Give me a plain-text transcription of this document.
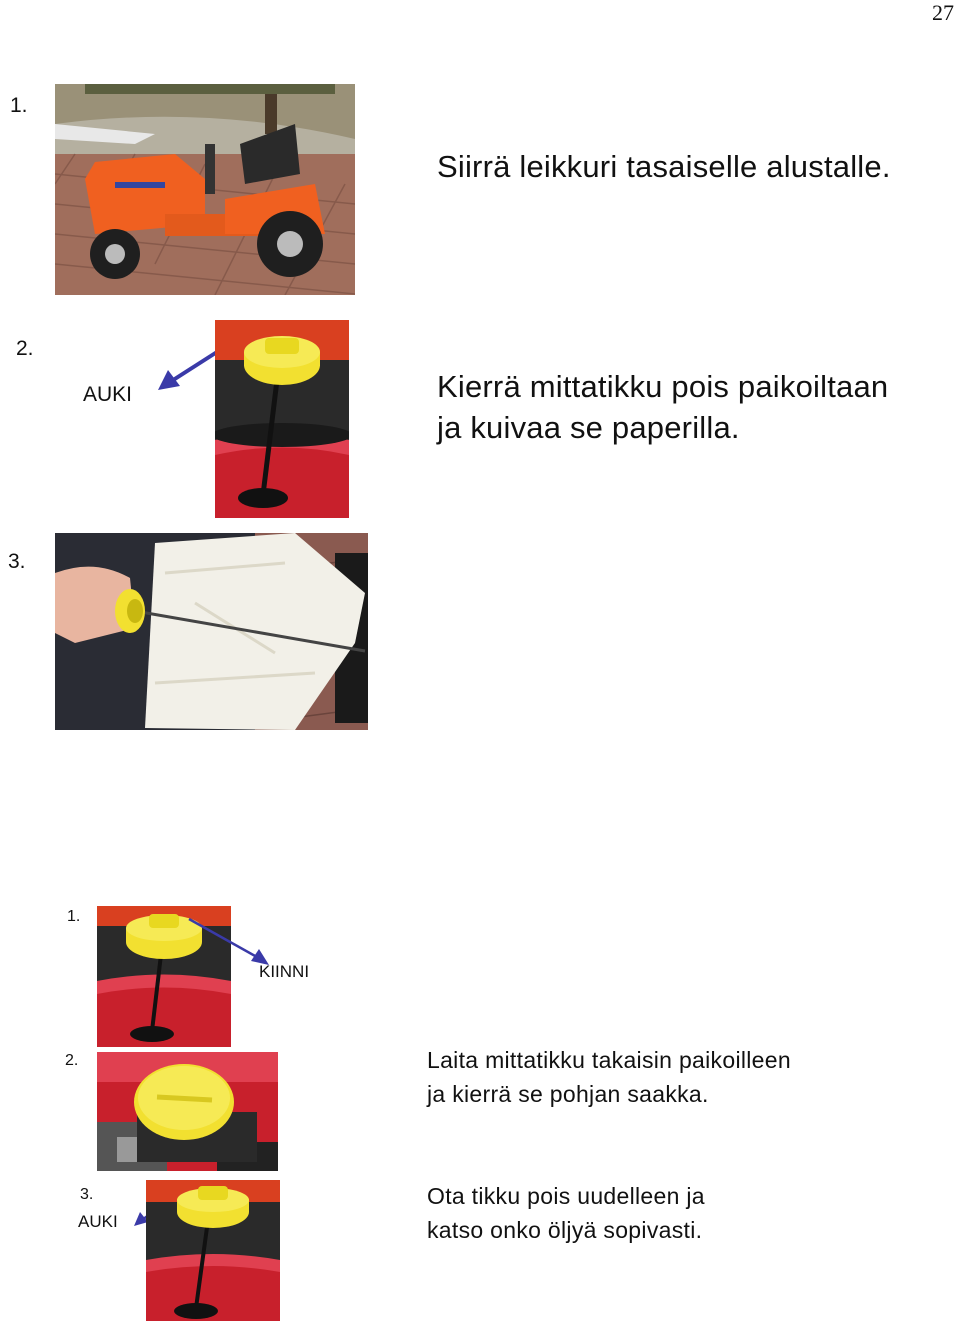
27
1.
Siirrä leikkuri tasaiselle alustalle.
2.
AUKI	Kierrä mittatikku pois paikoiltaan
ja kuivaa se paperilla.
3.
1.
KIINNI
2.	Laita mittatikku takaisin paikoilleen
ja kierrä se pohjan saakka.
3.
AUKI
Ota tikku pois uudelleen ja
katso onko öljyä sopivasti.
